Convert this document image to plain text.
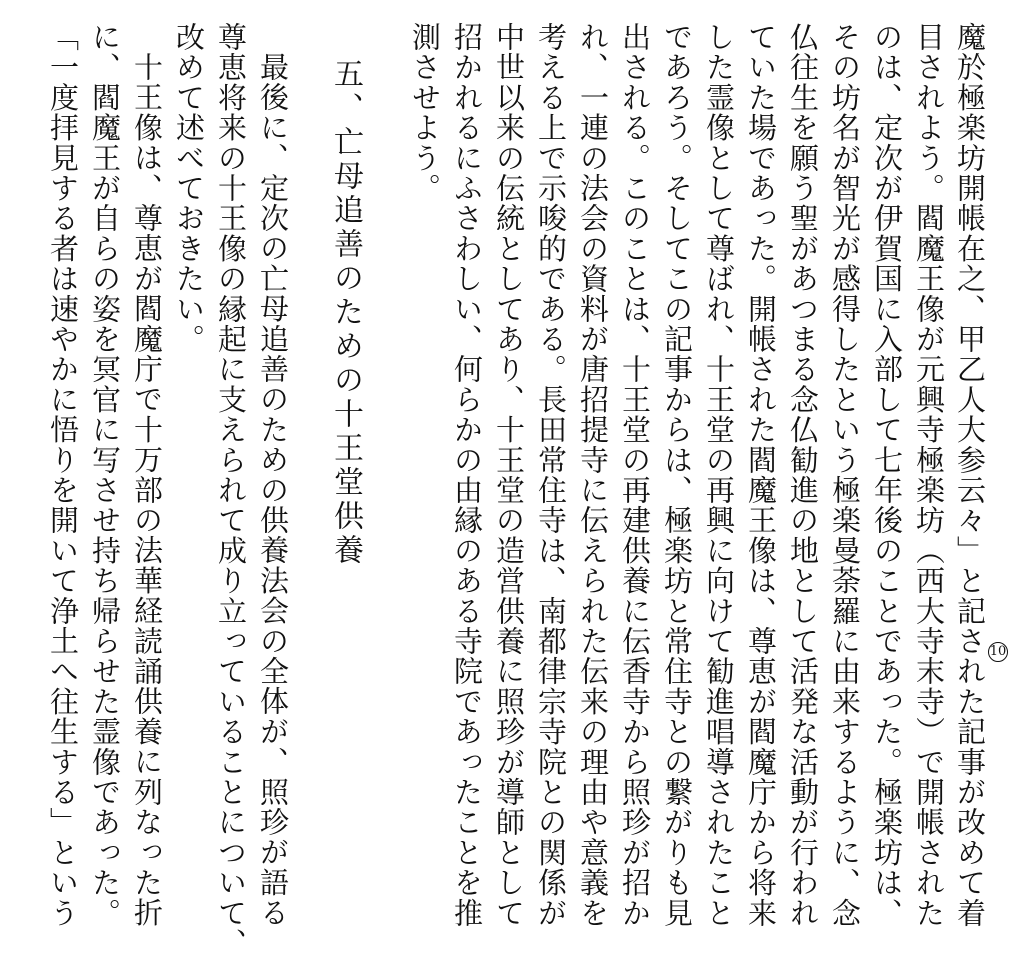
魔於極楽坊開帳在之、甲乙人大参云々」と記された記事が改めて着
目されよう。閻魔王像が元興寺極楽坊（西大寺末寺）で開帳された
のは、定次が伊賀国に入部して七年後のことであった。極楽坊は、
その坊名が智光が感得したという極楽曼荼羅に由来するように、念
仏往生を願う聖があつまる念仏勧進の地として活発な活動が行われ
ていた場であった。開帳された閻魔王像は、尊恵が閻魔庁から将来
した霊像として尊ばれ、十王堂の再興に向けて勧進唱導されたこと
であろう。そしてこの記事からは、極楽坊と常住寺との繋がりも見
出される。このことは、十王堂の再建供養に伝香寺から照珍が招か
れ、一連の法会の資料が唐招提寺に伝えられた伝来の理由や意義を
考える上で示唆的である。長田常住寺は、南都律宗寺院との関係が
中世以来の伝統としてあり、十王堂の造営供養に照珍が導師として
招かれるにふさわしい、何らかの由縁のある寺院であったことを推
測させよう。
10
五、亡母追善のための十王堂供養
最後に、定次の亡母追善のための供養法会の全体が、照珍が語る
尊恵将来の十王像の縁起に支えられて成り立っていることについて、
改めて述べておきたい。
十王像は、尊恵が閻魔庁で十万部の法華経読誦供養に列なった折
に、閻魔王が自らの姿を冥官に写させ持ち帰らせた霊像であった。
「一度拝見する者は速やかに悟りを開いて浄土へ往生する」という
